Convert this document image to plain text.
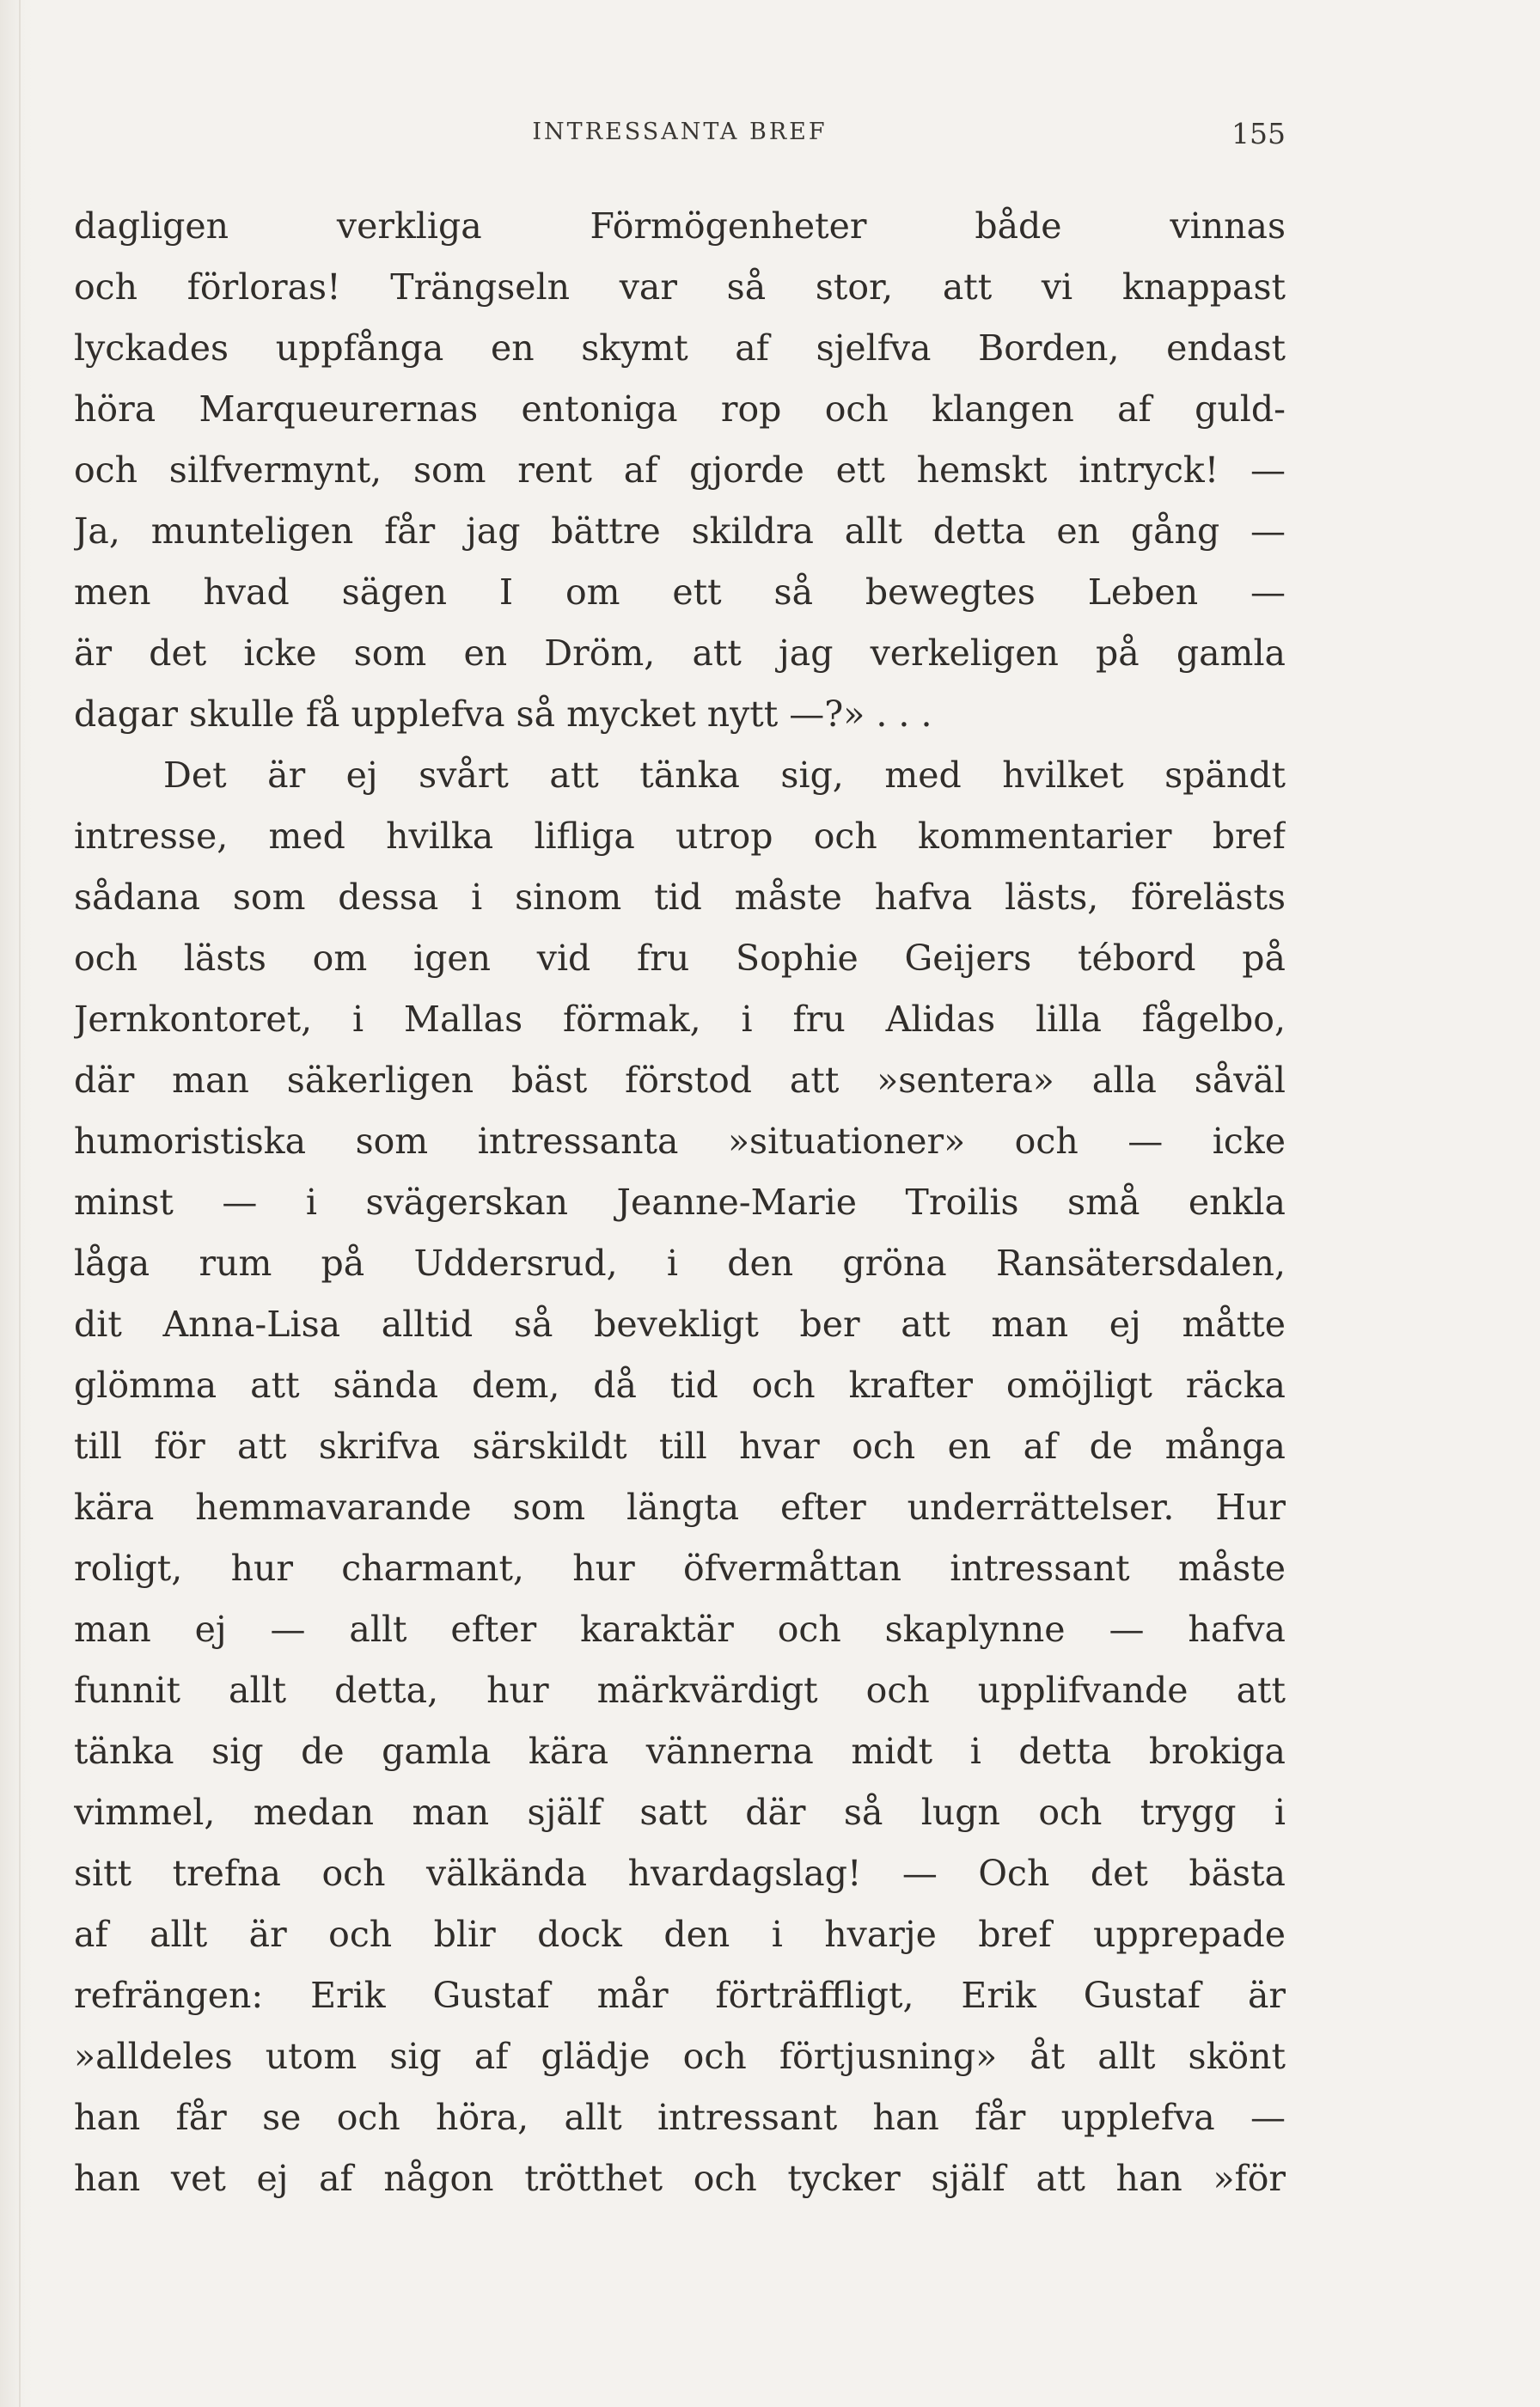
INTRESSANTA BREF	155
dagligen verkliga Förmögenheter både vinnas
och förloras! Trängseln var så stor, att vi knappast
lyckades uppfånga en skymt af sjelfva Borden, endast
höra Marqueurernas entoniga rop och klangen af guld-
och silfvermynt, som rent af gjorde ett hemskt intryck! —
Ja, munteligen får jag bättre skildra allt detta en gång —
men hvad sägen I om ett så bewegtes Leben —
är det icke som en Dröm, att jag verkeligen på gamla
dagar skulle få upplefva så mycket nytt —?» . . .
Det är ej svårt att tänka sig, med hvilket spändt
intresse, med hvilka lifliga utrop och kommentarier bref
sådana som dessa i sinom tid måste hafva lästs, förelästs
och lästs om igen vid fru Sophie Geijers tébord på
Jernkontoret, i Mallas förmak, i fru Alidas lilla fågelbo,
där man säkerligen bäst förstod att »sentera» alla såväl
humoristiska som intressanta »situationer» och — icke
minst — i svägerskan Jeanne-Marie Troilis små enkla
låga rum på Uddersrud, i den gröna Ransätersdalen,
dit Anna-Lisa alltid så bevekligt ber att man ej måtte
glömma att sända dem, då tid och krafter omöjligt räcka
till för att skrifva särskildt till hvar och en af de många
kära hemmavarande som längta efter underrättelser. Hur
roligt, hur charmant, hur öfvermåttan intressant måste
man ej — allt efter karaktär och skaplynne — hafva
funnit allt detta, hur märkvärdigt och upplifvande att
tänka sig de gamla kära vännerna midt i detta brokiga
vimmel, medan man själf satt där så lugn och trygg i
sitt trefna och välkända hvardagslag! — Och det bästa
af allt är och blir dock den i hvarje bref upprepade
refrängen: Erik Gustaf mår förträffligt, Erik Gustaf är
»alldeles utom sig af glädje och förtjusning» åt allt skönt
han får se och höra, allt intressant han får upplefva —
han vet ej af någon trötthet och tycker själf att han »för
